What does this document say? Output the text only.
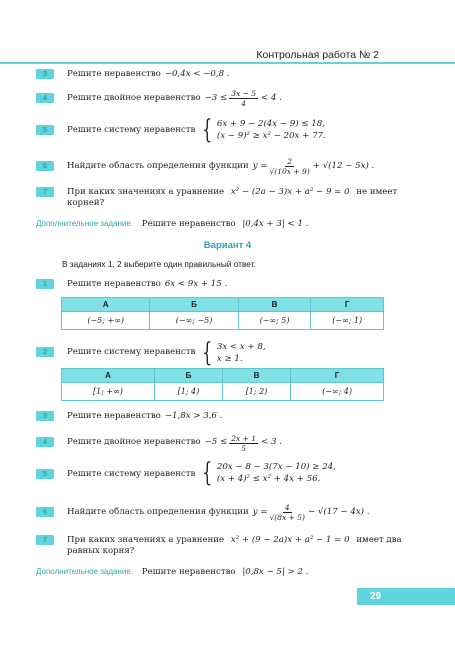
Контрольная работа № 2
3	Решите неравенство −0,4x < −0,8 .
4	Решите двойное неравенство $-3 \le \frac{3x - 5}{4} < 4$ .
5	Решите систему неравенств { 6x + 9 − 2(4x − 9) ≤ 18,
(x − 9)² ≥ x² − 20x + 77.
6	Найдите область определения функции $y = \frac{2}{√(10x + 9)} + √(12 - 5x)$ .
7	При каких значениях a уравнение x² − (2a − 3)x + a² − 9 = 0 не имеет
корней?
Дополнительное задание. Решите неравенство |0,4x + 3| < 1 .
Вариант 4
В заданиях 1, 2 выберите один правильный ответ.
1	Решите неравенство 6x < 9x + 15 .
А	Б	В	Г
(−5; +∞)	(−∞; −5)	(−∞; 5)	(−∞; 1)
2	Решите систему неравенств { 3x < x + 8,
x ≥ 1.
А	Б	В	Г
[1; +∞)	[1; 4)	[1; 2)	(−∞; 4)
3	Решите неравенство −1,8x > 3,6 .
4	Решите двойное неравенство $-5 \le \frac{2x + 1}{5} < 3$ .
5	Решите систему неравенств { 20x − 8 − 3(7x − 10) ≥ 24,
(x + 4)² ≤ x² + 4x + 56.
6	Найдите область определения функции $y = \frac{4}{√(8x + 5)} - √(17 - 4x)$ .
7	При каких значениях a уравнение x² + (9 − 2a)x + a² − 1 = 0 имеет два
равных корня?
Дополнительное задание. Решите неравенство |0,8x − 5| > 2 .
29
